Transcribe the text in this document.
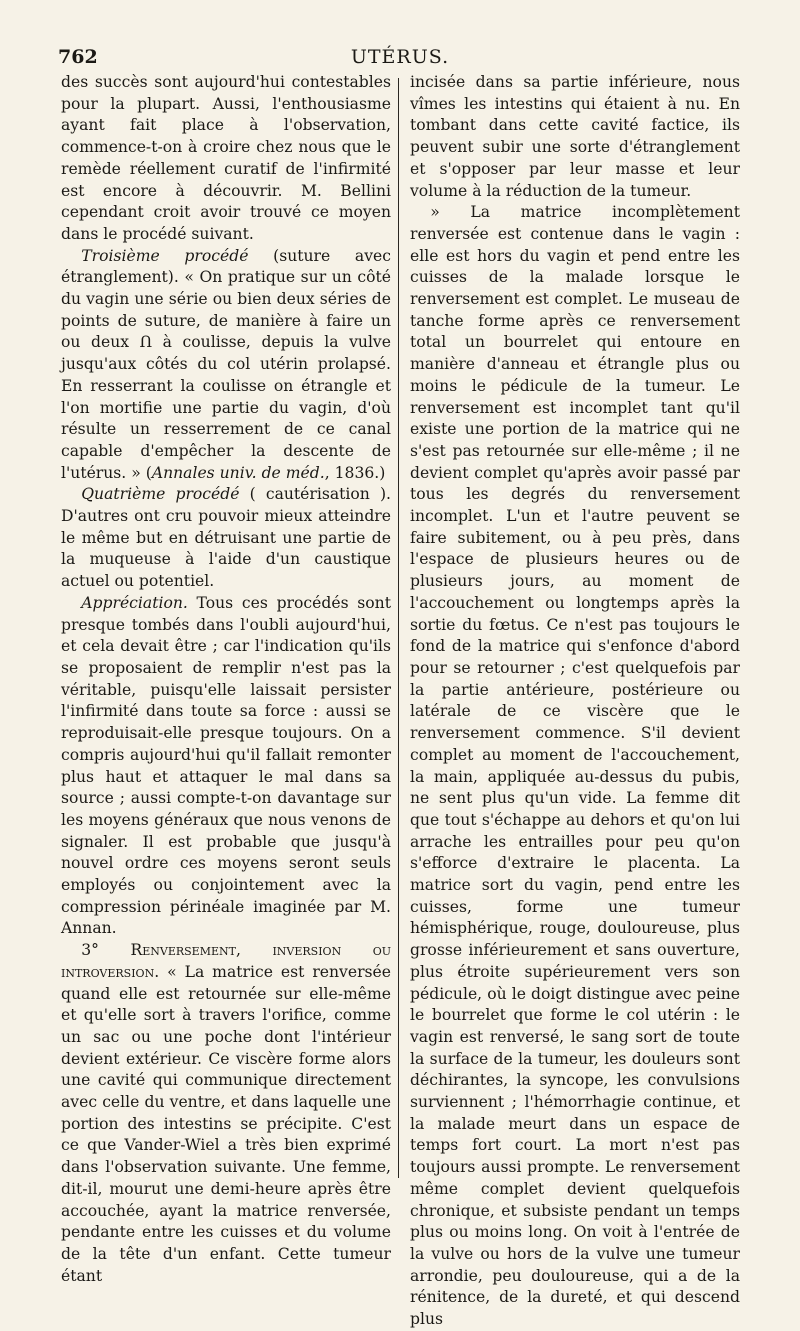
762	UTÉRUS.

des succès sont aujourd'hui contestables pour la plupart. Aussi, l'enthousiasme ayant fait place à l'observation, commence-t-on à croire chez nous que le remède réellement curatif de l'infirmité est encore à découvrir. M. Bellini cependant croit avoir trouvé ce moyen dans le procédé suivant.

Troisième procédé (suture avec étranglement). « On pratique sur un côté du vagin une série ou bien deux séries de points de suture, de manière à faire un ou deux Ո à coulisse, depuis la vulve jusqu'aux côtés du col utérin prolapsé. En resserrant la coulisse on étrangle et l'on mortifie une partie du vagin, d'où résulte un resserrement de ce canal capable d'empêcher la descente de l'utérus. » (Annales univ. de méd., 1836.)

Quatrième procédé ( cautérisation ). D'autres ont cru pouvoir mieux atteindre le même but en détruisant une partie de la muqueuse à l'aide d'un caustique actuel ou potentiel.

Appréciation. Tous ces procédés sont presque tombés dans l'oubli aujourd'hui, et cela devait être ; car l'indication qu'ils se proposaient de remplir n'est pas la véritable, puisqu'elle laissait persister l'infirmité dans toute sa force : aussi se reproduisait-elle presque toujours. On a compris aujourd'hui qu'il fallait remonter plus haut et attaquer le mal dans sa source ; aussi compte-t-on davantage sur les moyens généraux que nous venons de signaler. Il est probable que jusqu'à nouvel ordre ces moyens seront seuls employés ou conjointement avec la compression périnéale imaginée par M. Annan.

3° Renversement, inversion ou introversion. « La matrice est renversée quand elle est retournée sur elle-même et qu'elle sort à travers l'orifice, comme un sac ou une poche dont l'intérieur devient extérieur. Ce viscère forme alors une cavité qui communique directement avec celle du ventre, et dans laquelle une portion des intestins se précipite. C'est ce que Vander-Wiel a très bien exprimé dans l'observation suivante. Une femme, dit-il, mourut une demi-heure après être accouchée, ayant la matrice renversée, pendante entre les cuisses et du volume de la tête d'un enfant. Cette tumeur étant

incisée dans sa partie inférieure, nous vîmes les intestins qui étaient à nu. En tombant dans cette cavité factice, ils peuvent subir une sorte d'étranglement et s'opposer par leur masse et leur volume à la réduction de la tumeur.

» La matrice incomplètement renversée est contenue dans le vagin : elle est hors du vagin et pend entre les cuisses de la malade lorsque le renversement est complet. Le museau de tanche forme après ce renversement total un bourrelet qui entoure en manière d'anneau et étrangle plus ou moins le pédicule de la tumeur. Le renversement est incomplet tant qu'il existe une portion de la matrice qui ne s'est pas retournée sur elle-même ; il ne devient complet qu'après avoir passé par tous les degrés du renversement incomplet. L'un et l'autre peuvent se faire subitement, ou à peu près, dans l'espace de plusieurs heures ou de plusieurs jours, au moment de l'accouchement ou longtemps après la sortie du fœtus. Ce n'est pas toujours le fond de la matrice qui s'enfonce d'abord pour se retourner ; c'est quelquefois par la partie antérieure, postérieure ou latérale de ce viscère que le renversement commence. S'il devient complet au moment de l'accouchement, la main, appliquée au-dessus du pubis, ne sent plus qu'un vide. La femme dit que tout s'échappe au dehors et qu'on lui arrache les entrailles pour peu qu'on s'efforce d'extraire le placenta. La matrice sort du vagin, pend entre les cuisses, forme une tumeur hémisphérique, rouge, douloureuse, plus grosse inférieurement et sans ouverture, plus étroite supérieurement vers son pédicule, où le doigt distingue avec peine le bourrelet que forme le col utérin : le vagin est renversé, le sang sort de toute la surface de la tumeur, les douleurs sont déchirantes, la syncope, les convulsions surviennent ; l'hémorrhagie continue, et la malade meurt dans un espace de temps fort court. La mort n'est pas toujours aussi prompte. Le renversement même complet devient quelquefois chronique, et subsiste pendant un temps plus ou moins long. On voit à l'entrée de la vulve ou hors de la vulve une tumeur arrondie, peu douloureuse, qui a de la rénitence, de la dureté, et qui descend plus
